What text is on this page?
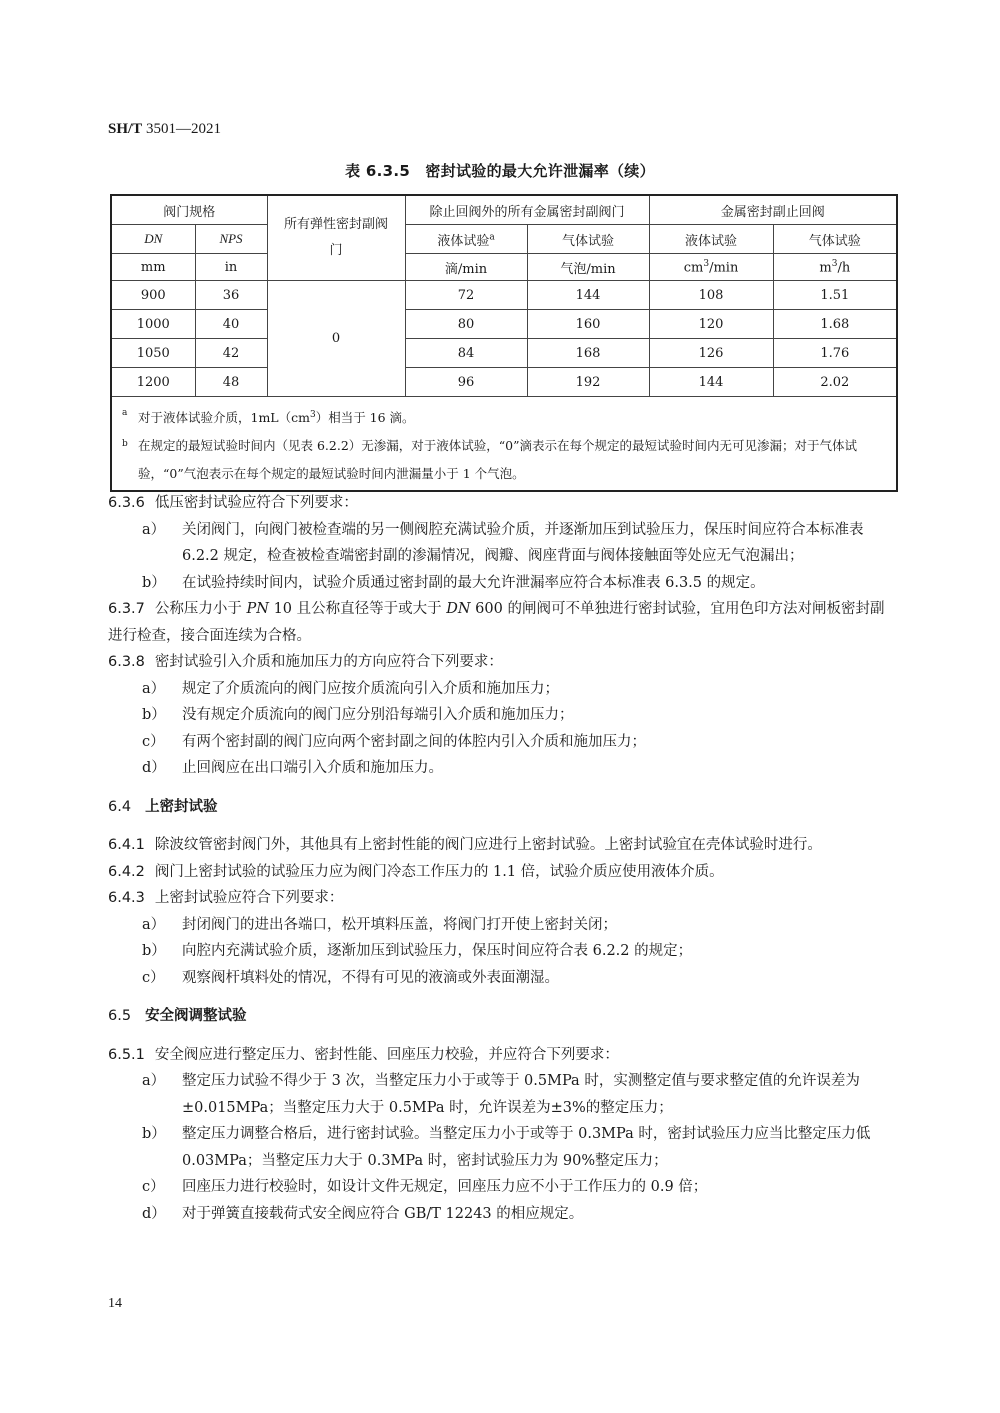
SH/T 3501—2021
表 6.3.5　密封试验的最大允许泄漏率（续）
阀门规格		所有弹性密封副阀门	除止回阀外的所有金属密封副阀门		金属密封副止回阀	
DN	NPS		液体试验$^a$	气体试验	液体试验	气体试验
mm	in		滴/min	气泡/min	$cm^3/\min$	$m^3/h$
900	36	0	72	144	108	1.51
1000	40		80	160	120	1.68
1050	42		84	168	126	1.76
1200	48		96	192	144	2.02

a 对于液体试验介质，$1mL(cm^3)$相当于 16 滴。
b 在规定的最短试验时间内（见表 6.2.2）无渗漏，对于液体试验，“0”滴表示在每个规定的最短试验时间内无可见渗漏；对于气体试验，“0”气泡表示在每个规定的最短试验时间内泄漏量小于 1 个气泡。						

6.3.6 低压密封试验应符合下列要求：

a） 关闭阀门，向阀门被检查端的另一侧阀腔充满试验介质，并逐渐加压到试验压力，保压时间应符合本标准表 6.2.2 规定，检查被检查端密封副的渗漏情况，阀瓣、阀座背面与阀体接触面等处应无气泡漏出；

b） 在试验持续时间内，试验介质通过密封副的最大允许泄漏率应符合本标准表 6.3.5 的规定。

6.3.7 公称压力小于 PN 10 且公称直径等于或大于 DN 600 的闸阀可不单独进行密封试验，宜用色印方法对闸板密封副进行检查，接合面连续为合格。

6.3.8 密封试验引入介质和施加压力的方向应符合下列要求：

a） 规定了介质流向的阀门应按介质流向引入介质和施加压力；

b） 没有规定介质流向的阀门应分别沿每端引入介质和施加压力；

c） 有两个密封副的阀门应向两个密封副之间的体腔内引入介质和施加压力；

d） 止回阀应在出口端引入介质和施加压力。

6.4 上密封试验

6.4.1 除波纹管密封阀门外，其他具有上密封性能的阀门应进行上密封试验。上密封试验宜在壳体试验时进行。

6.4.2 阀门上密封试验的试验压力应为阀门冷态工作压力的 1.1 倍，试验介质应使用液体介质。

6.4.3 上密封试验应符合下列要求：

a） 封闭阀门的进出各端口，松开填料压盖，将阀门打开使上密封关闭；

b） 向腔内充满试验介质，逐渐加压到试验压力，保压时间应符合表 6.2.2 的规定；

c） 观察阀杆填料处的情况，不得有可见的液滴或外表面潮湿。

6.5 安全阀调整试验

6.5.1 安全阀应进行整定压力、密封性能、回座压力校验，并应符合下列要求：

a） 整定压力试验不得少于 3 次，当整定压力小于或等于 0.5MPa 时，实测整定值与要求整定值的允许误差为±0.015MPa；当整定压力大于 0.5MPa 时，允许误差为±3%的整定压力；

b） 整定压力调整合格后，进行密封试验。当整定压力小于或等于 0.3MPa 时，密封试验压力应当比整定压力低 0.03MPa；当整定压力大于 0.3MPa 时，密封试验压力为 90%整定压力；

c） 回座压力进行校验时，如设计文件无规定，回座压力应不小于工作压力的 0.9 倍；

d） 对于弹簧直接载荷式安全阀应符合 GB/T 12243 的相应规定。

14
